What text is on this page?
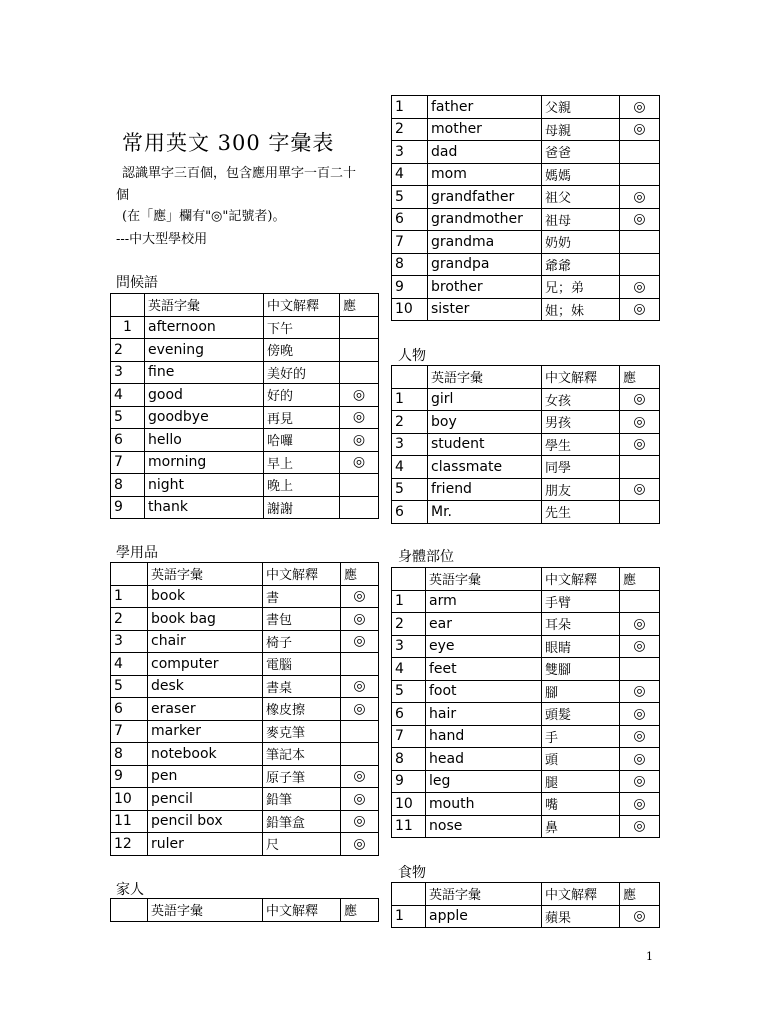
常用英文 300 字彙表
認識單字三百個，包含應用單字一百二十
個
(在「應」欄有"◎"記號者)。
---中大型學校用
問候語
學用品
家人
人物
身體部位
食物
	英語字彙	中文解釋	應
1	afternoon	下午	
2	evening	傍晚	
3	fine	美好的	
4	good	好的	◎
5	goodbye	再見	◎
6	hello	哈囉	◎
7	morning	早上	◎
8	night	晚上	
9	thank	謝謝	
	英語字彙	中文解釋	應
1	book	書	◎
2	book bag	書包	◎
3	chair	椅子	◎
4	computer	電腦	
5	desk	書桌	◎
6	eraser	橡皮擦	◎
7	marker	麥克筆	
8	notebook	筆記本	
9	pen	原子筆	◎
10	pencil	鉛筆	◎
11	pencil box	鉛筆盒	◎
12	ruler	尺	◎
	英語字彙	中文解釋	應
1	father	父親	◎
2	mother	母親	◎
3	dad	爸爸	
4	mom	媽媽	
5	grandfather	祖父	◎
6	grandmother	祖母	◎
7	grandma	奶奶	
8	grandpa	爺爺	
9	brother	兄；弟	◎
10	sister	姐；妹	◎
	英語字彙	中文解釋	應
1	girl	女孩	◎
2	boy	男孩	◎
3	student	學生	◎
4	classmate	同學	
5	friend	朋友	◎
6	Mr.	先生	
	英語字彙	中文解釋	應
1	arm	手臂	
2	ear	耳朵	◎
3	eye	眼睛	◎
4	feet	雙腳	
5	foot	腳	◎
6	hair	頭髮	◎
7	hand	手	◎
8	head	頭	◎
9	leg	腿	◎
10	mouth	嘴	◎
11	nose	鼻	◎
	英語字彙	中文解釋	應
1	apple	蘋果	◎
1
